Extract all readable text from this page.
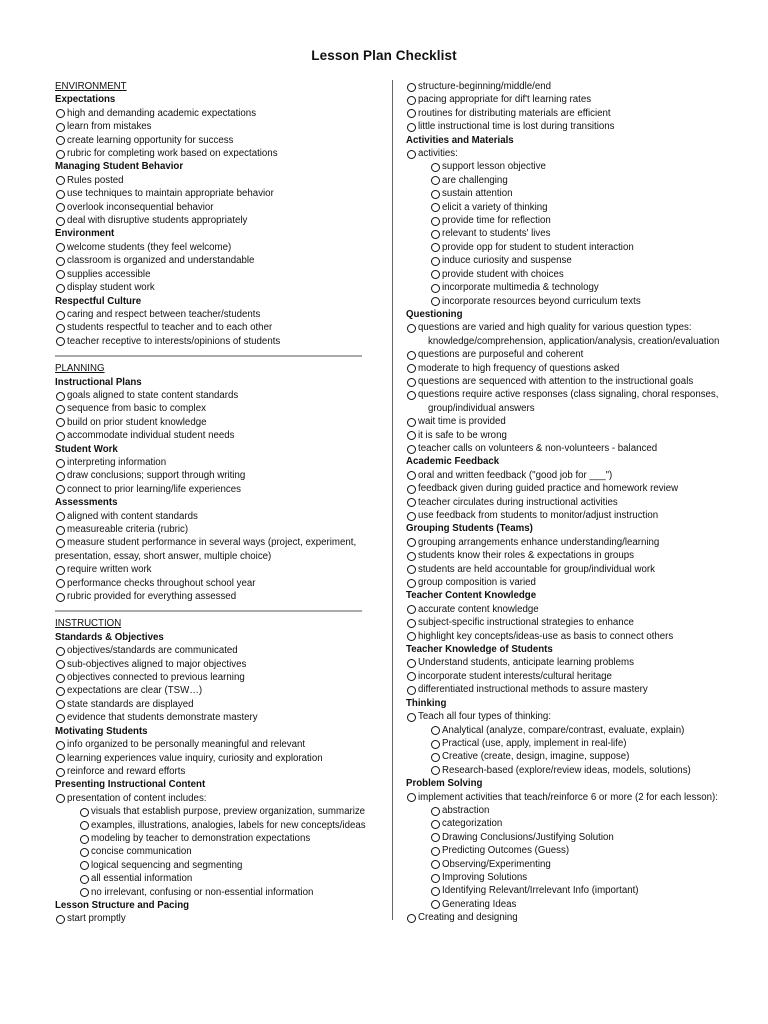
Lesson Plan Checklist
ENVIRONMENT
Expectations
high and demanding academic expectations
learn from mistakes
create learning opportunity for success
rubric for completing work based on expectations
Managing Student Behavior
Rules posted
use techniques to maintain appropriate behavior
overlook inconsequential behavior
deal with disruptive students appropriately
Environment
welcome students (they feel welcome)
classroom is organized and understandable
supplies accessible
display student work
Respectful Culture
caring and respect between teacher/students
students respectful to teacher and to each other
teacher receptive to interests/opinions of students
PLANNING
Instructional Plans
goals aligned to state content standards
sequence from basic to complex
build on prior student knowledge
accommodate individual student needs
Student Work
interpreting information
draw conclusions; support through writing
connect to prior learning/life experiences
Assessments
aligned with content standards
measureable criteria (rubric)
measure student performance in several ways (project, experiment,
presentation, essay, short answer, multiple choice)
require written work
performance checks throughout school year
rubric provided for everything assessed
INSTRUCTION
Standards & Objectives
objectives/standards are communicated
sub-objectives aligned to major objectives
objectives connected to previous learning
expectations are clear (TSW…)
state standards are displayed
evidence that students demonstrate mastery
Motivating Students
info organized to be personally meaningful and relevant
learning experiences value inquiry, curiosity and exploration
reinforce and reward efforts
Presenting Instructional Content
presentation of content includes:
visuals that establish purpose, preview organization, summarize
examples, illustrations, analogies, labels for new concepts/ideas
modeling by teacher to demonstration expectations
concise communication
logical sequencing and segmenting
all essential information
no irrelevant, confusing or non-essential information
Lesson Structure and Pacing
start promptly
structure-beginning/middle/end
pacing appropriate for dif't learning rates
routines for distributing materials are efficient
little instructional time is lost during transitions
Activities and Materials
activities:
support lesson objective
are challenging
sustain attention
elicit a variety of thinking
provide time for reflection
relevant to students' lives
provide opp for student to student interaction
induce curiosity and suspense
provide student with choices
incorporate multimedia & technology
incorporate resources beyond curriculum texts
Questioning
questions are varied and high quality for various question types:
knowledge/comprehension, application/analysis, creation/evaluation
questions are purposeful and coherent
moderate to high frequency of questions asked
questions are sequenced with attention to the instructional goals
questions require active responses (class signaling, choral responses,
group/individual answers
wait time is provided
it is safe to be wrong
teacher calls on volunteers & non-volunteers - balanced
Academic Feedback
oral and written feedback ("good job for ___")
feedback given during guided practice and homework review
teacher circulates during instructional activities
use feedback from students to monitor/adjust instruction
Grouping Students (Teams)
grouping arrangements enhance understanding/learning
students know their roles & expectations in groups
students are held accountable for group/individual work
group composition is varied
Teacher Content Knowledge
accurate content knowledge
subject-specific instructional strategies to enhance
highlight key concepts/ideas-use as basis to connect others
Teacher Knowledge of Students
Understand students, anticipate learning problems
incorporate student interests/cultural heritage
differentiated instructional methods to assure mastery
Thinking
Teach all four types of thinking:
Analytical (analyze, compare/contrast, evaluate, explain)
Practical (use, apply, implement in real-life)
Creative (create, design, imagine, suppose)
Research-based (explore/review ideas, models, solutions)
Problem Solving
implement activities that teach/reinforce 6 or more (2 for each lesson):
abstraction
categorization
Drawing Conclusions/Justifying Solution
Predicting Outcomes (Guess)
Observing/Experimenting
Improving Solutions
Identifying Relevant/Irrelevant Info (important)
Generating Ideas
Creating and designing
